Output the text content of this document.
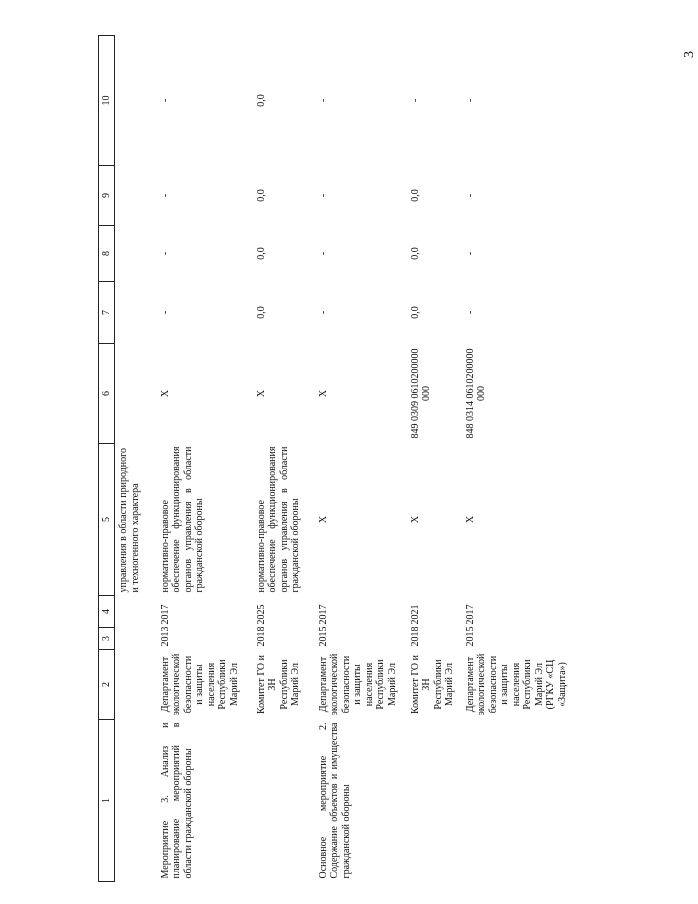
3
1	2	3	4	5	6	7	8	9	10
				управления в области природного и техногенного характера					
Мероприятие 3. Анализ и планирование мероприятий в области гражданской обороны	Департамент экологической безопасности и защиты населения Республики Марий Эл	2013	2017	нормативно-правовое обеспечение функционирования органов управления в области гражданской обороны	Х	-	-	-	-
	Комитет ГО и ЗН Республики Марий Эл	2018	2025	нормативно-правовое обеспечение функционирования органов управления в области гражданской обороны	Х	0,0	0,0	0,0	0,0
Основное мероприятие 2. Содержание объектов и имущества гражданской обороны	Департамент экологической безопасности и защиты населения Республики Марий Эл	2015	2017	Х	Х	-	-	-	-
	Комитет ГО и ЗН Республики Марий Эл	2018	2021	Х	849 0309 0610200000 000	0,0	0,0	0,0	-
	Департамент экологической безопасности и защиты населения Республики Марий Эл (РГКУ «СЦ «Защита»)	2015	2017	Х	848 0314 0610200000 000	-	-	-	-
